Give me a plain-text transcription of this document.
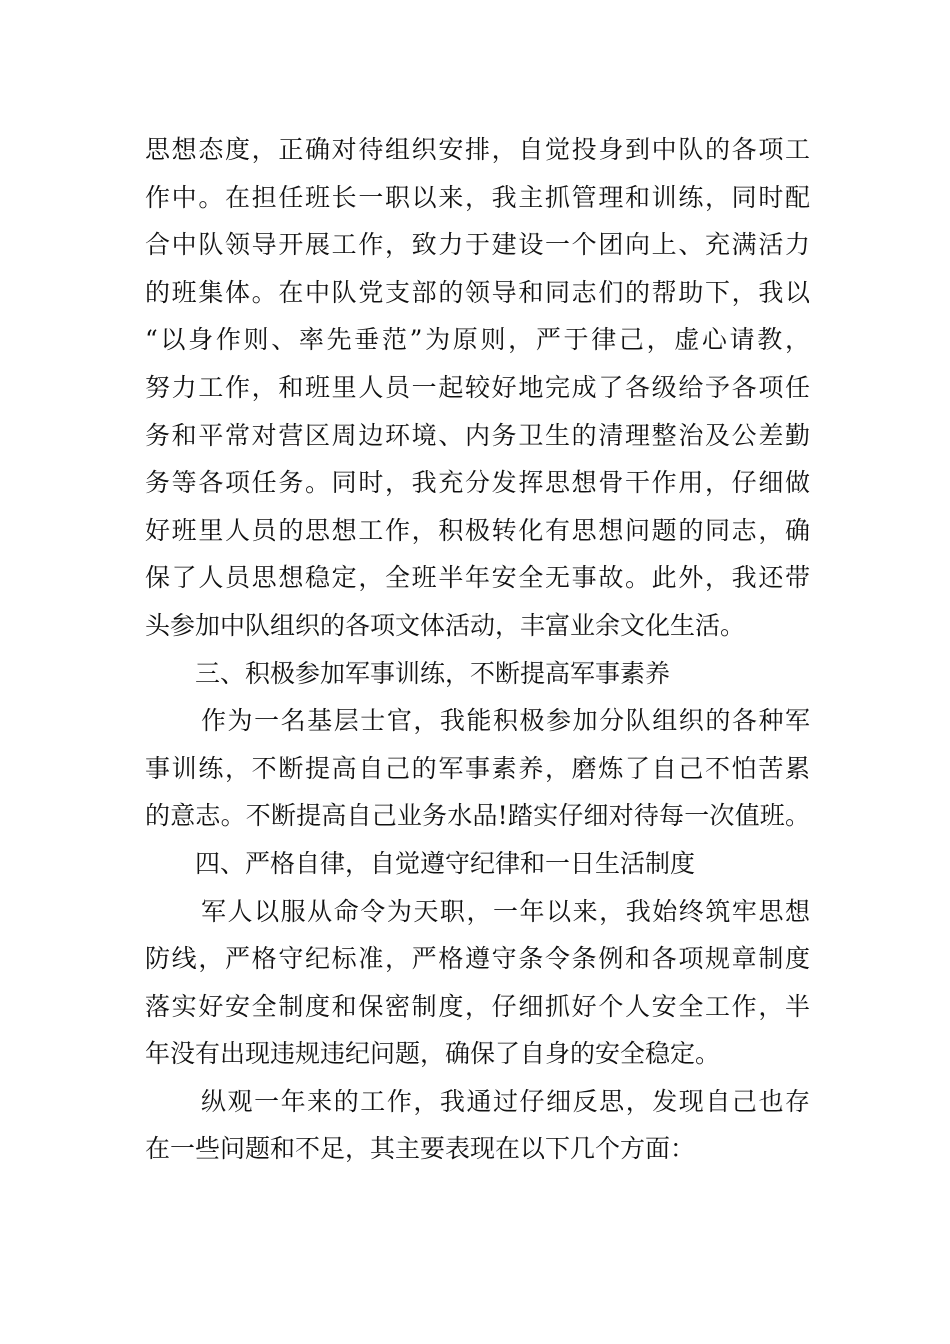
思想态度，正确对待组织安排，自觉投身到中队的各项工
作中。在担任班长一职以来，我主抓管理和训练，同时配
合中队领导开展工作，致力于建设一个团向上、充满活力
的班集体。在中队党支部的领导和同志们的帮助下，我以
“以身作则、率先垂范”为原则，严于律己，虚心请教，
努力工作，和班里人员一起较好地完成了各级给予各项任
务和平常对营区周边环境、内务卫生的清理整治及公差勤
务等各项任务。同时，我充分发挥思想骨干作用，仔细做
好班里人员的思想工作，积极转化有思想问题的同志，确
保了人员思想稳定，全班半年安全无事故。此外，我还带
头参加中队组织的各项文体活动，丰富业余文化生活。
三、积极参加军事训练，不断提高军事素养
作为一名基层士官，我能积极参加分队组织的各种军
事训练，不断提高自己的军事素养，磨炼了自己不怕苦累
的意志。不断提高自己业务水品!踏实仔细对待每一次值班。
四、严格自律，自觉遵守纪律和一日生活制度
军人以服从命令为天职，一年以来，我始终筑牢思想
防线，严格守纪标准，严格遵守条令条例和各项规章制度
落实好安全制度和保密制度，仔细抓好个人安全工作，半
年没有出现违规违纪问题，确保了自身的安全稳定。
纵观一年来的工作，我通过仔细反思，发现自己也存
在一些问题和不足，其主要表现在以下几个方面：
